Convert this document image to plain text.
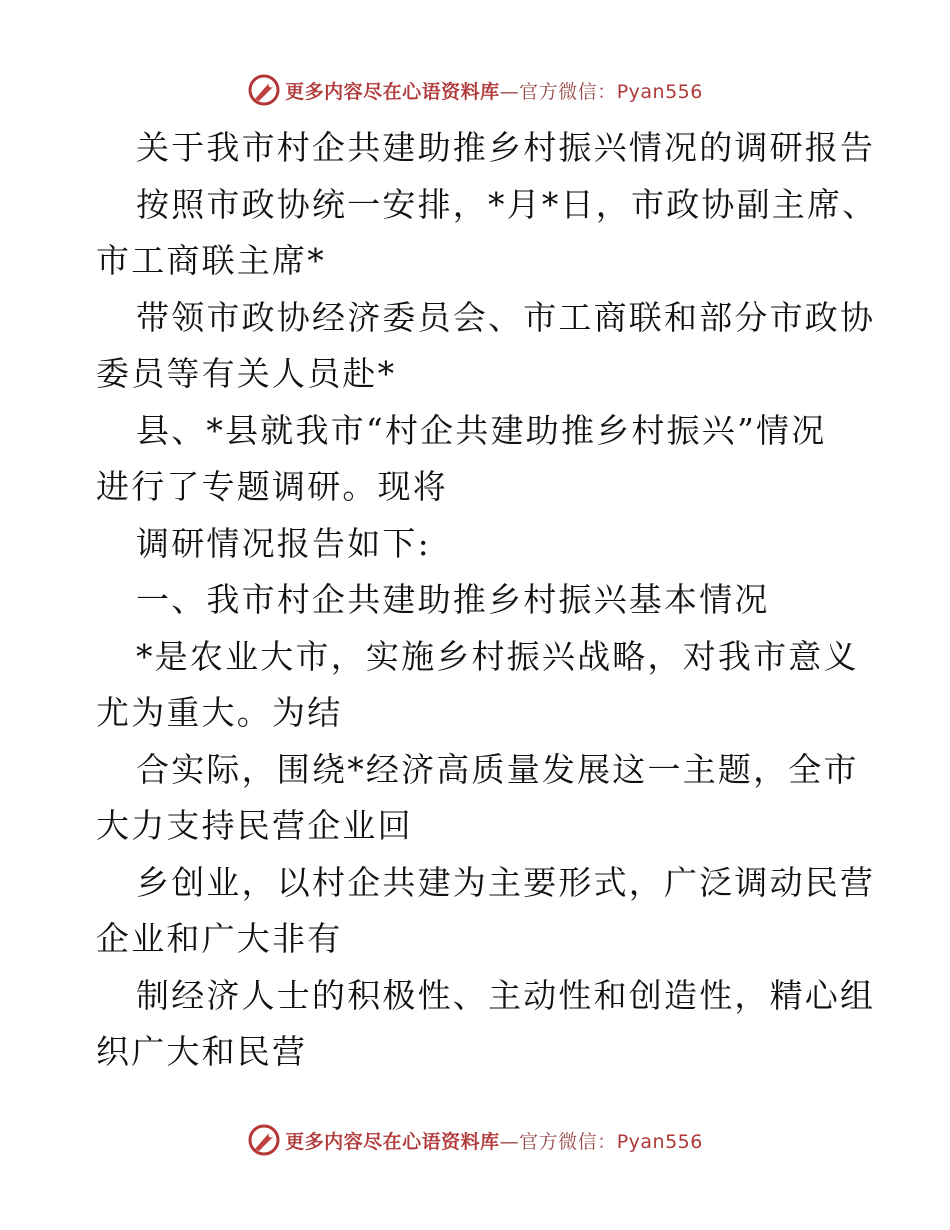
更多内容尽在心语资料库—官方微信：Pyan556
关于我市村企共建助推乡村振兴情况的调研报告
按照市政协统一安排，*月*日，市政协副主席、
市工商联主席*
带领市政协经济委员会、市工商联和部分市政协
委员等有关人员赴*
县、*县就我市“村企共建助推乡村振兴”情况
进行了专题调研。现将
调研情况报告如下:
一、我市村企共建助推乡村振兴基本情况
*是农业大市，实施乡村振兴战略，对我市意义
尤为重大。为结
合实际，围绕*经济高质量发展这一主题，全市
大力支持民营企业回
乡创业，以村企共建为主要形式，广泛调动民营
企业和广大非有
制经济人士的积极性、主动性和创造性，精心组
织广大和民营
更多内容尽在心语资料库—官方微信：Pyan556
